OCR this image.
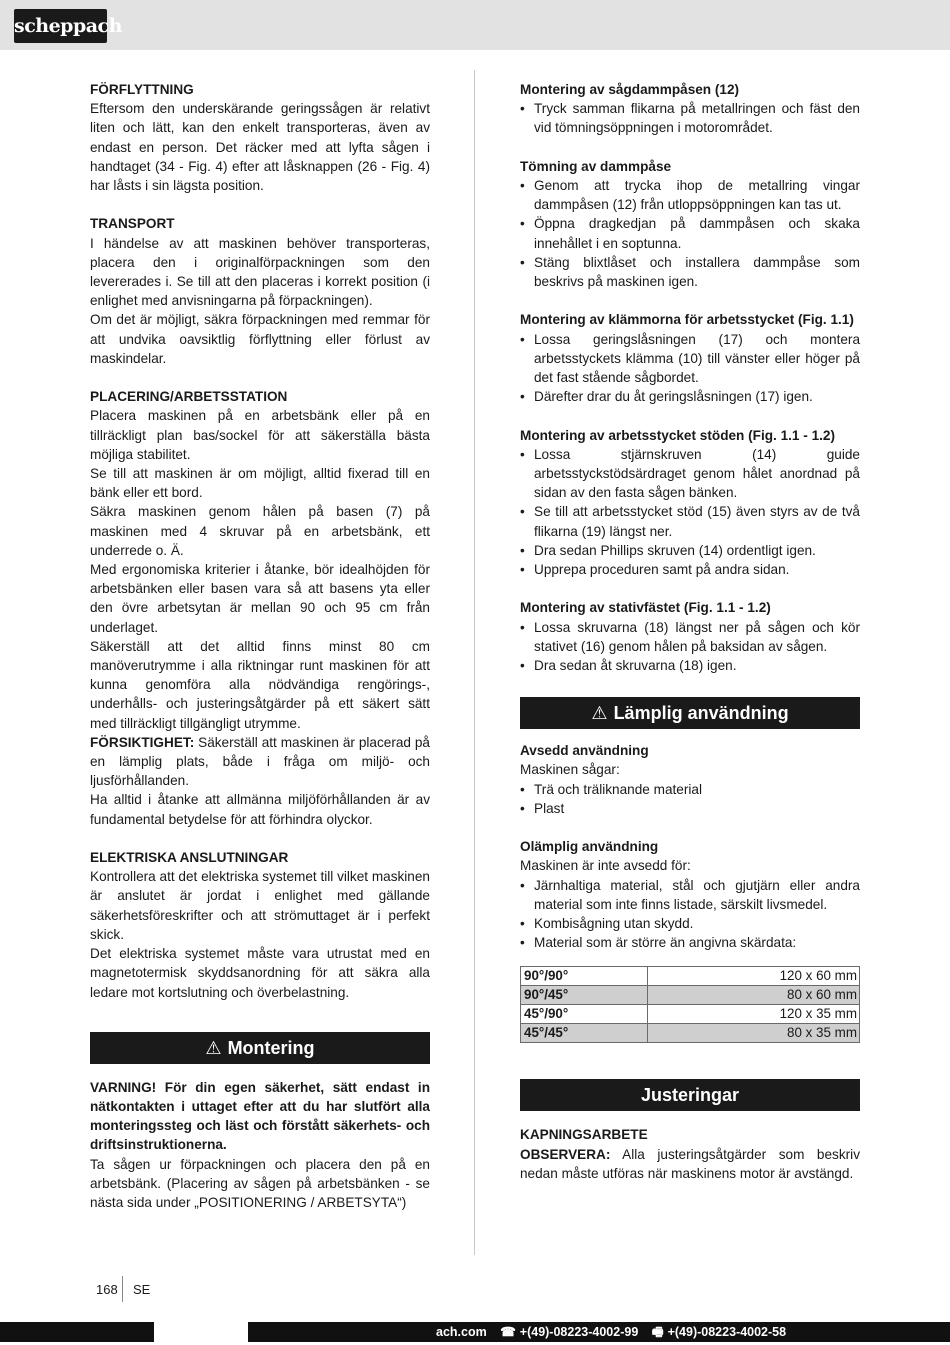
scheppach

FÖRFLYTTNING

Eftersom den underskärande geringssågen är relativt liten och lätt, kan den enkelt transporteras, även av endast en person. Det räcker med att lyfta sågen i handtaget (34 - Fig. 4) efter att låsknappen (26 - Fig. 4) har låsts i sin lägsta position.

TRANSPORT

I händelse av att maskinen behöver transporteras, placera den i originalförpackningen som den levererades i. Se till att den placeras i korrekt position (i enlighet med anvisningarna på förpackningen).

Om det är möjligt, säkra förpackningen med remmar för att undvika oavsiktlig förflyttning eller förlust av maskindelar.

PLACERING/ARBETSSTATION

Placera maskinen på en arbetsbänk eller på en tillräckligt plan bas/sockel för att säkerställa bästa möjliga stabilitet.

Se till att maskinen är om möjligt, alltid fixerad till en bänk eller ett bord.

Säkra maskinen genom hålen på basen (7) på maskinen med 4 skruvar på en arbetsbänk, ett underrede o. Ä.

Med ergonomiska kriterier i åtanke, bör idealhöjden för arbetsbänken eller basen vara så att basens yta eller den övre arbetsytan är mellan 90 och 95 cm från underlaget.

Säkerställ att det alltid finns minst 80 cm manöverutrymme i alla riktningar runt maskinen för att kunna genomföra alla nödvändiga rengörings-, underhålls- och justeringsåtgärder på ett säkert sätt med tillräckligt tillgängligt utrymme.

FÖRSIKTIGHET: Säkerställ att maskinen är placerad på en lämplig plats, både i fråga om miljö- och ljusförhållanden.

Ha alltid i åtanke att allmänna miljöförhållanden är av fundamental betydelse för att förhindra olyckor.

ELEKTRISKA ANSLUTNINGAR

Kontrollera att det elektriska systemet till vilket maskinen är anslutet är jordat i enlighet med gällande säkerhetsföreskrifter och att strömuttaget är i perfekt skick.

Det elektriska systemet måste vara utrustat med en magnetotermisk skyddsanordning för att säkra alla ledare mot kortslutning och överbelastning.

⚠ Montering

VARNING! För din egen säkerhet, sätt endast in nätkontakten i uttaget efter att du har slutfört alla monteringssteg och läst och förstått säkerhets- och driftsinstruktionerna.

Ta sågen ur förpackningen och placera den på en arbetsbänk. (Placering av sågen på arbetsbänken - se nästa sida under „POSITIONERING / ARBETSYTA“)

Montering av sågdammpåsen (12)

• Tryck samman flikarna på metallringen och fäst den vid tömningsöppningen i motorområdet.

Tömning av dammpåse

• Genom att trycka ihop de metallring vingar dammpåsen (12) från utloppsöppningen kan tas ut.
• Öppna dragkedjan på dammpåsen och skaka innehållet i en soptunna.
• Stäng blixtlåset och installera dammpåse som beskrivs på maskinen igen.

Montering av klämmorna för arbetsstycket (Fig. 1.1)

• Lossa geringslåsningen (17) och montera arbetsstyckets klämma (10) till vänster eller höger på det fast stående sågbordet.
• Därefter drar du åt geringslåsningen (17) igen.

Montering av arbetsstycket stöden (Fig. 1.1 - 1.2)

• Lossa stjärnskruven (14) guide arbetsstyckstödsärdraget genom hålet anordnad på sidan av den fasta sågen bänken.
• Se till att arbetsstycket stöd (15) även styrs av de två flikarna (19) längst ner.
• Dra sedan Phillips skruven (14) ordentligt igen.
• Upprepa proceduren samt på andra sidan.

Montering av stativfästet (Fig. 1.1 - 1.2)

• Lossa skruvarna (18) längst ner på sågen och kör stativet (16) genom hålen på baksidan av sågen.
• Dra sedan åt skruvarna (18) igen.
⚠ Lämplig användning

Avsedd användning

Maskinen sågar:

• Trä och träliknande material
• Plast

Olämplig användning

Maskinen är inte avsedd för:

• Järnhaltiga material, stål och gjutjärn eller andra material som inte finns listade, särskilt livsmedel.
• Kombisågning utan skydd.
• Material som är större än angivna skärdata:
90°/90°	120 x 60 mm
90°/45°	80 x 60 mm
45°/90°	120 x 35 mm
45°/45°	80 x 35 mm
Justeringar

KAPNINGSARBETE

OBSERVERA: Alla justeringsåtgärder som beskriv nedan måste utföras när maskinens motor är avstängd.

168 SE
ach.com ☎ +(49)-08223-4002-99 🖷 +(49)-08223-4002-58
